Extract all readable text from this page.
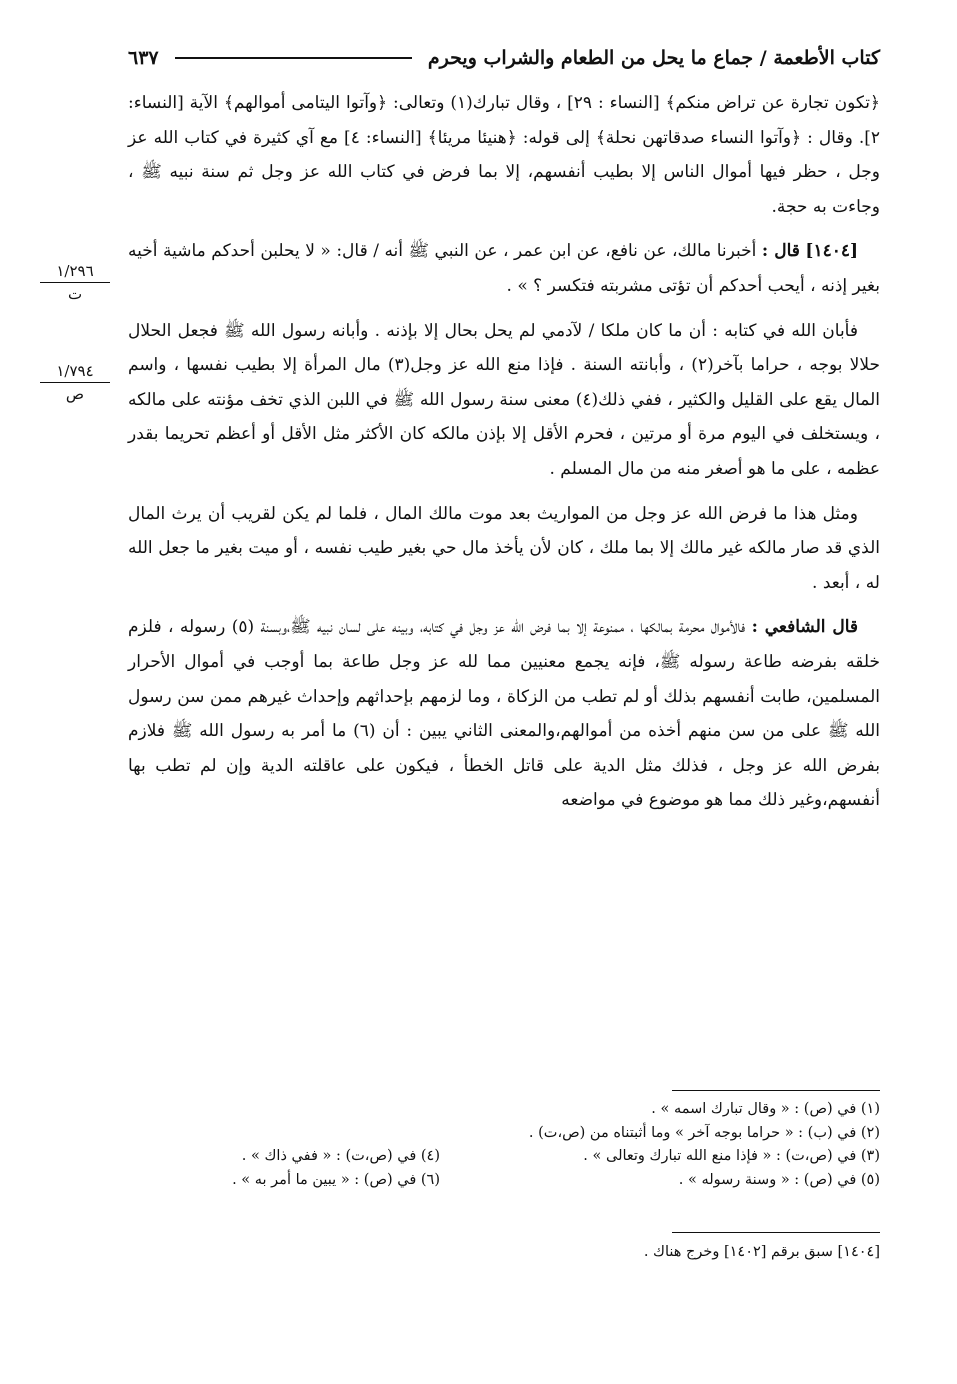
كتاب الأطعمة / جماع ما يحل من الطعام والشراب ويحرم
٦٣٧
١/٢٩٦
ت
١/٧٩٤
ص

﴿تكون تجارة عن تراض منكم﴾ [النساء : ٢٩] ، وقال تبارك(١) وتعالى: ﴿وآتوا اليتامى أموالهم﴾ الآية [النساء: ٢]. وقال : ﴿وآتوا النساء صدقاتهن نحلة﴾ إلى قوله: ﴿هنيئا مريئا﴾ [النساء: ٤] مع آي كثيرة في كتاب الله عز وجل ، حظر فيها أموال الناس إلا بطيب أنفسهم، إلا بما فرض في كتاب الله عز وجل ثم سنة نبيه ﷺ ، وجاءت به حجة.

[١٤٠٤] قال : أخبرنا مالك، عن نافع، عن ابن عمر ، عن النبي ﷺ أنه / قال: « لا يحلبن أحدكم ماشية أخيه بغير إذنه ، أيحب أحدكم أن تؤتى مشربته فتكسر ؟ » .

فأبان الله في كتابه : أن ما كان ملكا / لآدمي لم يحل بحال إلا بإذنه . وأبانه رسول الله ﷺ فجعل الحلال حلالا بوجه ، حراما بآخر(٢) ، وأبانته السنة . فإذا منع الله عز وجل(٣) مال المرأة إلا بطيب نفسها ، واسم المال يقع على القليل والكثير ، ففي ذلك(٤) معنى سنة رسول الله ﷺ في اللبن الذي تخف مؤنته على مالكه ، ويستخلف في اليوم مرة أو مرتين ، فحرم الأقل إلا بإذن مالكه كان الأكثر مثل الأقل أو أعظم تحريما بقدر عظمه ، على ما هو أصغر منه من مال المسلم .

ومثل هذا ما فرض الله عز وجل من المواريث بعد موت مالك المال ، فلما لم يكن لقريب أن يرث المال الذي قد صار مالكه غير مالك إلا بما ملك ، كان لأن يأخذ مال حي بغير طيب نفسه ، أو ميت بغير ما جعل الله له ، أبعد .

قال الشافعي : فالأموال محرمة بمالكها ، ممنوعة إلا بما فرض الله عز وجل في كتابه، وبينه على لسان نبيه ﷺ،وبسنة (٥) رسوله ، فلزم خلقه بفرضه طاعة رسوله ﷺ، فإنه يجمع معنيين مما لله عز وجل طاعة بما أوجب في أموال الأحرار المسلمين، طابت أنفسهم بذلك أو لم تطب من الزكاة ، وما لزمهم بإحداثهم وإحداث غيرهم ممن سن رسول الله ﷺ على من سن منهم أخذه من أموالهم،والمعنى الثاني يبين : أن (٦) ما أمر به رسول الله ﷺ فلازم بفرض الله عز وجل ، فذلك مثل الدية على قاتل الخطأ ، فيكون على عاقلته الدية وإن لم تطب بها أنفسهم،وغير ذلك مما هو موضوع في مواضعه

(١) في (ص) : « وقال تبارك اسمه » .
(٢) في (ب) : « حراما بوجه آخر » وما أثبتناه من (ص،ت) .
(٣) في (ص،ت) : « فإذا منع الله تبارك وتعالى » .
(٤) في (ص،ت) : « ففي ذاك » .
(٥) في (ص) : « وسنة رسوله » .
(٦) في (ص) : « يبين ما أمر به » .
[١٤٠٤] سبق برقم [١٤٠٢] وخرج هناك .
